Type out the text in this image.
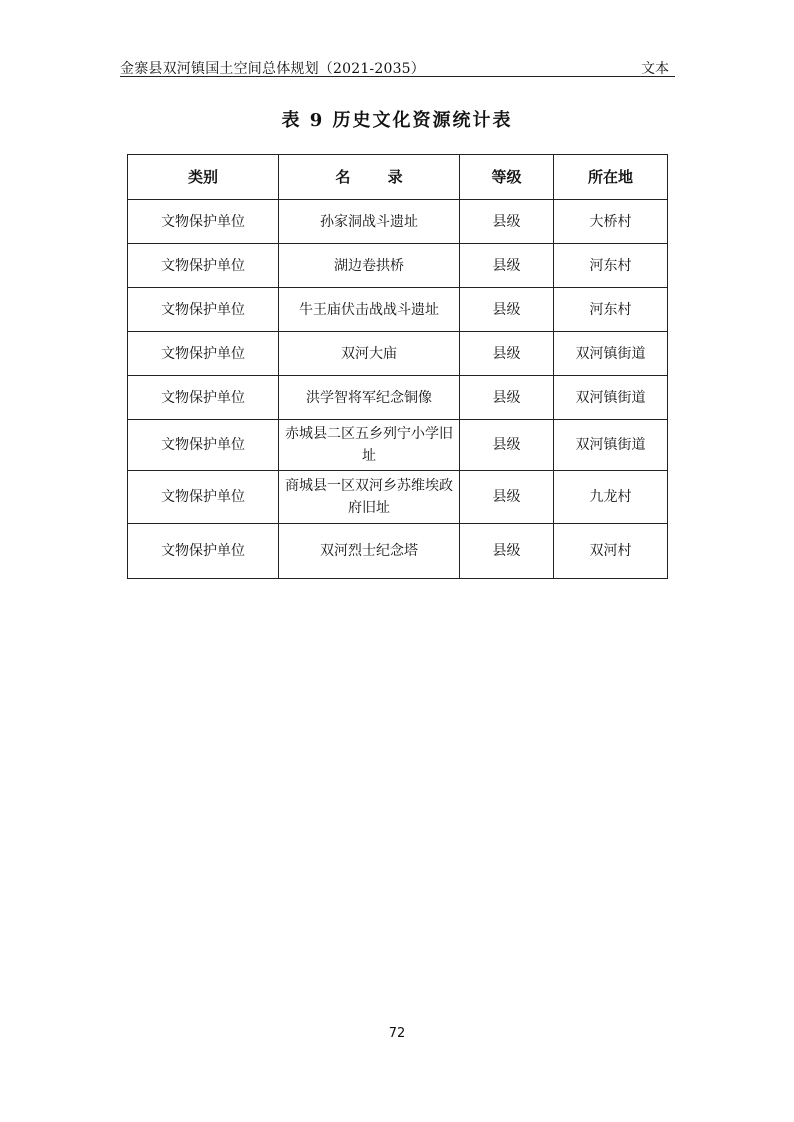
金寨县双河镇国土空间总体规划（2021-2035）	文本
表 9 历史文化资源统计表
类别	名 录	等级	所在地
文物保护单位	孙家洞战斗遗址	县级	大桥村
文物保护单位	湖边卷拱桥	县级	河东村
文物保护单位	牛王庙伏击战战斗遗址	县级	河东村
文物保护单位	双河大庙	县级	双河镇街道
文物保护单位	洪学智将军纪念铜像	县级	双河镇街道
文物保护单位	赤城县二区五乡列宁小学旧址	县级	双河镇街道
文物保护单位	商城县一区双河乡苏维埃政府旧址	县级	九龙村
文物保护单位	双河烈士纪念塔	县级	双河村
72
